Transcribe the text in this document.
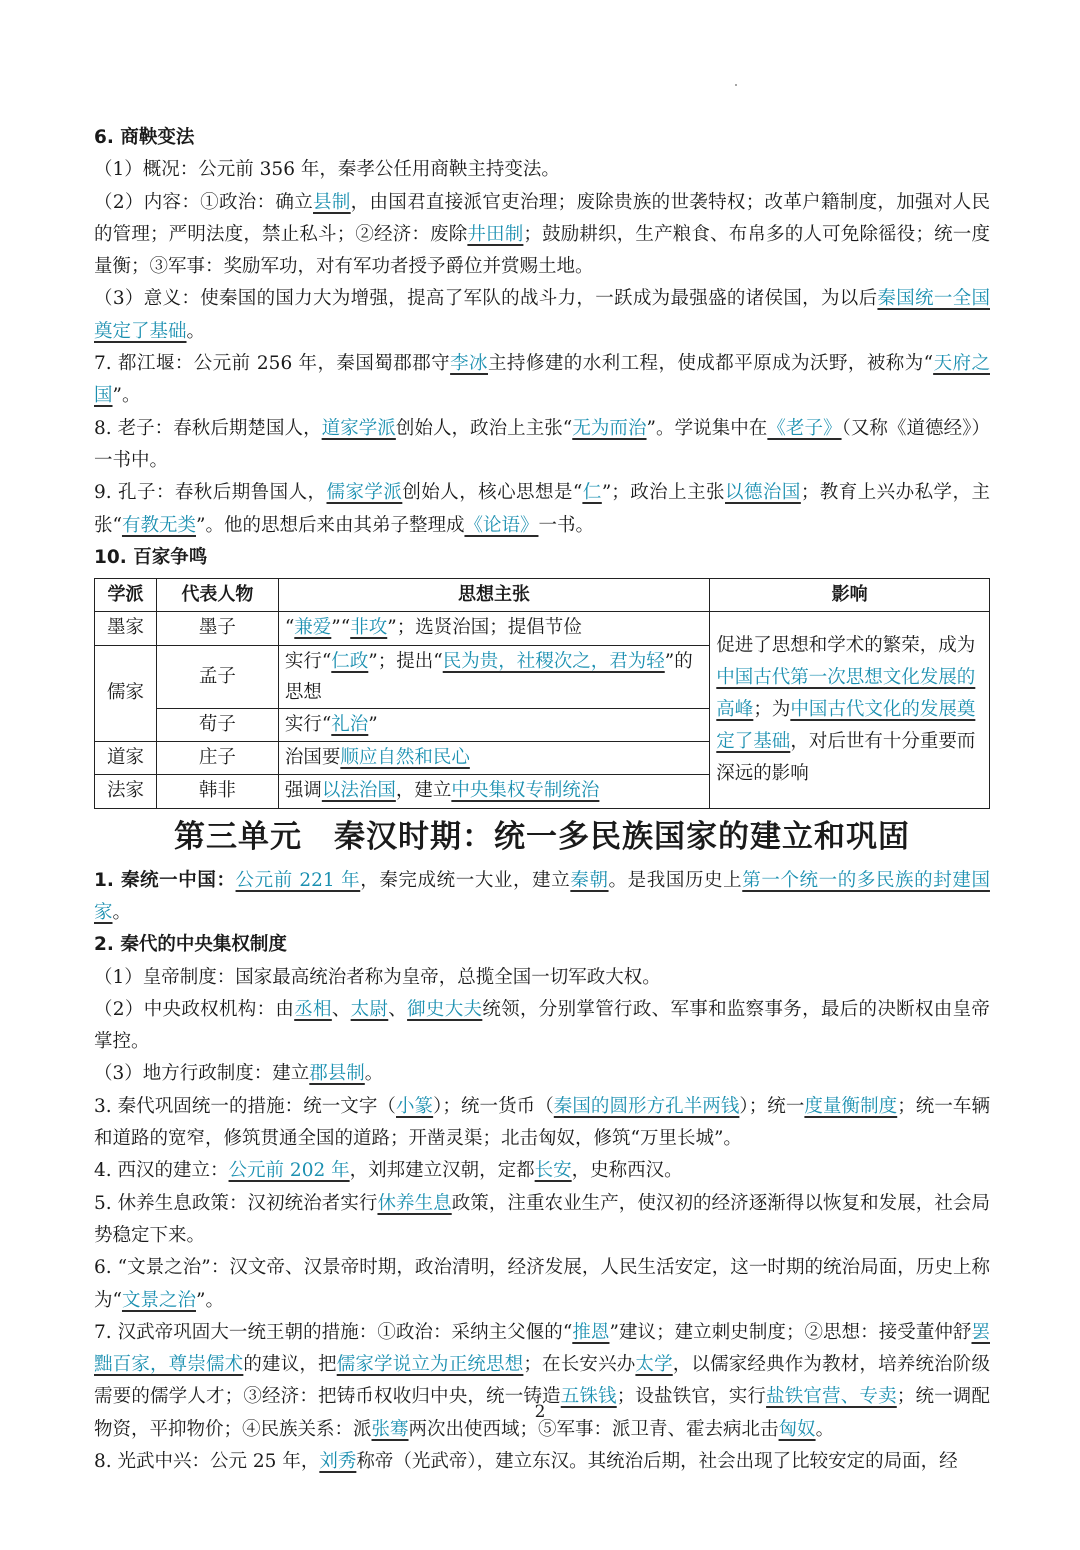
6. 商鞅变法
（1）概况：公元前 356 年，秦孝公任用商鞅主持变法。
（2）内容：①政治：确立县制，由国君直接派官吏治理；废除贵族的世袭特权；改革户籍制度，加强对人民的管理；严明法度，禁止私斗；②经济：废除井田制；鼓励耕织，生产粮食、布帛多的人可免除徭役；统一度量衡；③军事：奖励军功，对有军功者授予爵位并赏赐土地。
（3）意义：使秦国的国力大为增强，提高了军队的战斗力，一跃成为最强盛的诸侯国，为以后秦国统一全国奠定了基础。
7. 都江堰：公元前 256 年，秦国蜀郡郡守李冰主持修建的水利工程，使成都平原成为沃野，被称为“天府之国”。
8. 老子：春秋后期楚国人，道家学派创始人，政治上主张“无为而治”。学说集中在《老子》（又称《道德经》）一书中。
9. 孔子：春秋后期鲁国人，儒家学派创始人，核心思想是“仁”；政治上主张以德治国；教育上兴办私学，主张“有教无类”。他的思想后来由其弟子整理成《论语》一书。
10. 百家争鸣
学派	代表人物	思想主张	影响
墨家	墨子	“兼爱”“非攻”；选贤治国；提倡节俭	促进了思想和学术的繁荣，成为中国古代第一次思想文化发展的高峰；为中国古代文化的发展奠定了基础，对后世有十分重要而深远的影响
儒家	孟子	实行“仁政”；提出“民为贵，社稷次之，君为轻”的思想	
	荀子	实行“礼治”	
道家	庄子	治国要顺应自然和民心	
法家	韩非	强调以法治国，建立中央集权专制统治	
第三单元　秦汉时期：统一多民族国家的建立和巩固
1. 秦统一中国：公元前 221 年，秦完成统一大业，建立秦朝。是我国历史上第一个统一的多民族的封建国家。
2. 秦代的中央集权制度
（1）皇帝制度：国家最高统治者称为皇帝，总揽全国一切军政大权。
（2）中央政权机构：由丞相、太尉、御史大夫统领，分别掌管行政、军事和监察事务，最后的决断权由皇帝掌控。
（3）地方行政制度：建立郡县制。
3. 秦代巩固统一的措施：统一文字（小篆）；统一货币（秦国的圆形方孔半两钱）；统一度量衡制度；统一车辆和道路的宽窄，修筑贯通全国的道路；开凿灵渠；北击匈奴，修筑“万里长城”。
4. 西汉的建立：公元前 202 年，刘邦建立汉朝，定都长安，史称西汉。
5. 休养生息政策：汉初统治者实行休养生息政策，注重农业生产，使汉初的经济逐渐得以恢复和发展，社会局势稳定下来。
6. “文景之治”：汉文帝、汉景帝时期，政治清明，经济发展，人民生活安定，这一时期的统治局面，历史上称为“文景之治”。
7. 汉武帝巩固大一统王朝的措施：①政治：采纳主父偃的“推恩”建议；建立刺史制度；②思想：接受董仲舒罢黜百家，尊崇儒术的建议，把儒家学说立为正统思想；在长安兴办太学，以儒家经典作为教材，培养统治阶级需要的儒学人才；③经济：把铸币权收归中央，统一铸造五铢钱；设盐铁官，实行盐铁官营、专卖；统一调配物资，平抑物价；④民族关系：派张骞两次出使西域；⑤军事：派卫青、霍去病北击匈奴。
8. 光武中兴：公元 25 年，刘秀称帝（光武帝），建立东汉。其统治后期，社会出现了比较安定的局面，经
2
